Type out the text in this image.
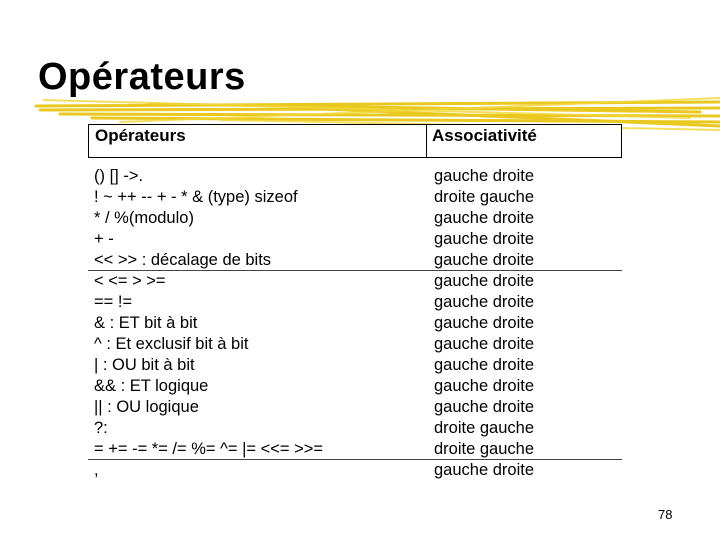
Opérateurs
Opérateurs	Associativité
() [] ->.	gauche droite
! ~ ++ -- + - * & (type) sizeof	droite gauche
* / %(modulo)	gauche droite
+ -	gauche droite
<< >> : décalage de bits	gauche droite
< <= > >=	gauche droite
== !=	gauche droite
& : ET bit à bit	gauche droite
^ : Et exclusif bit à bit	gauche droite
| : OU bit à bit	gauche droite
&& : ET logique	gauche droite
|| : OU logique	gauche droite
?:	droite gauche
= += -= *= /= %= ^= |= <<= >>=	droite gauche
,	gauche droite
78
